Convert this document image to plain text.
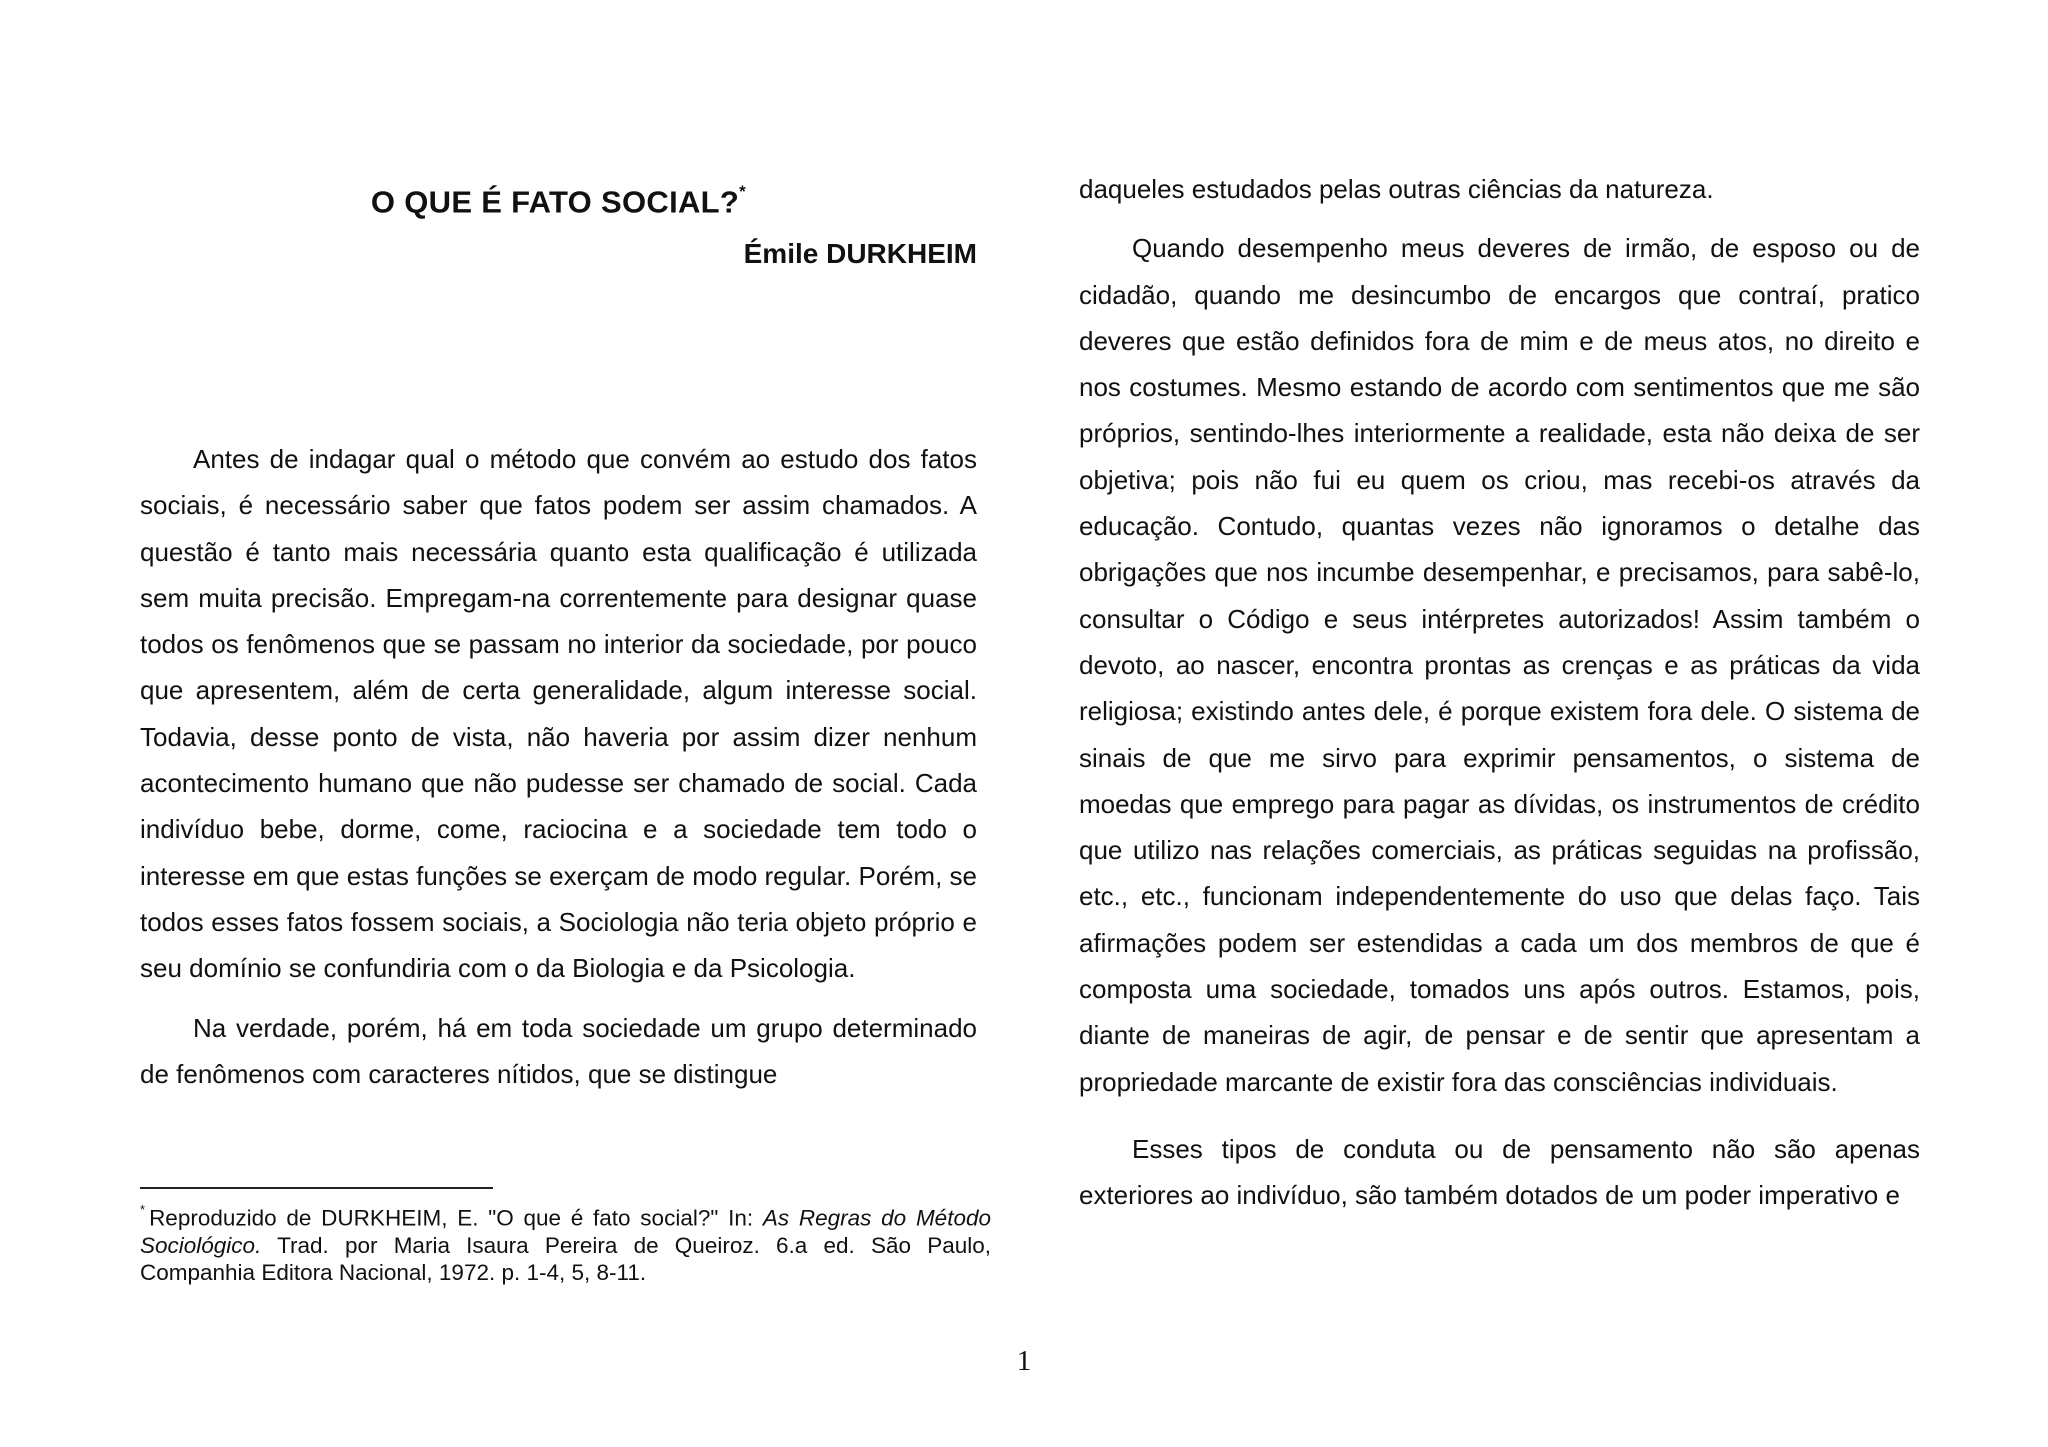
O QUE É FATO SOCIAL?*
Émile DURKHEIM

Antes de indagar qual o método que convém ao estudo dos fatos sociais, é necessário saber que fatos podem ser assim chamados. A questão é tanto mais necessária quanto esta qualificação é utilizada sem muita precisão. Empregam-na correntemente para designar quase todos os fenômenos que se passam no interior da sociedade, por pouco que apresentem, além de certa generalidade, algum interesse social. Todavia, desse ponto de vista, não haveria por assim dizer nenhum acontecimento humano que não pudesse ser chamado de social. Cada indivíduo bebe, dorme, come, raciocina e a sociedade tem todo o interesse em que estas funções se exerçam de modo regular. Porém, se todos esses fatos fossem sociais, a Sociologia não teria objeto próprio e seu domínio se confundiria com o da Biologia e da Psicologia.

Na verdade, porém, há em toda sociedade um grupo determinado de fenômenos com caracteres nítidos, que se distingue

daqueles estudados pelas outras ciências da natureza.

Quando desempenho meus deveres de irmão, de esposo ou de cidadão, quando me desincumbo de encargos que contraí, pratico deveres que estão definidos fora de mim e de meus atos, no direito e nos costumes. Mesmo estando de acordo com sentimentos que me são próprios, sentindo-lhes interiormente a realidade, esta não deixa de ser objetiva; pois não fui eu quem os criou, mas recebi-os através da educação. Contudo, quantas vezes não ignoramos o detalhe das obrigações que nos incumbe desempenhar, e precisamos, para sabê-lo, consultar o Código e seus intérpretes autorizados! Assim também o devoto, ao nascer, encontra prontas as crenças e as práticas da vida religiosa; existindo antes dele, é porque existem fora dele. O sistema de sinais de que me sirvo para exprimir pensamentos, o sistema de moedas que emprego para pagar as dívidas, os instrumentos de crédito que utilizo nas relações comerciais, as práticas seguidas na profissão, etc., etc., funcionam independentemente do uso que delas faço. Tais afirmações podem ser estendidas a cada um dos membros de que é composta uma sociedade, tomados uns após outros. Estamos, pois, diante de maneiras de agir, de pensar e de sentir que apresentam a propriedade marcante de existir fora das consciências individuais.

Esses tipos de conduta ou de pensamento não são apenas exteriores ao indivíduo, são também dotados de um poder imperativo e

* Reproduzido de DURKHEIM, E. "O que é fato social?" In: As Regras do Método Sociológico. Trad. por Maria Isaura Pereira de Queiroz. 6.a ed. São Paulo, Companhia Editora Nacional, 1972. p. 1-4, 5, 8-11.
1
